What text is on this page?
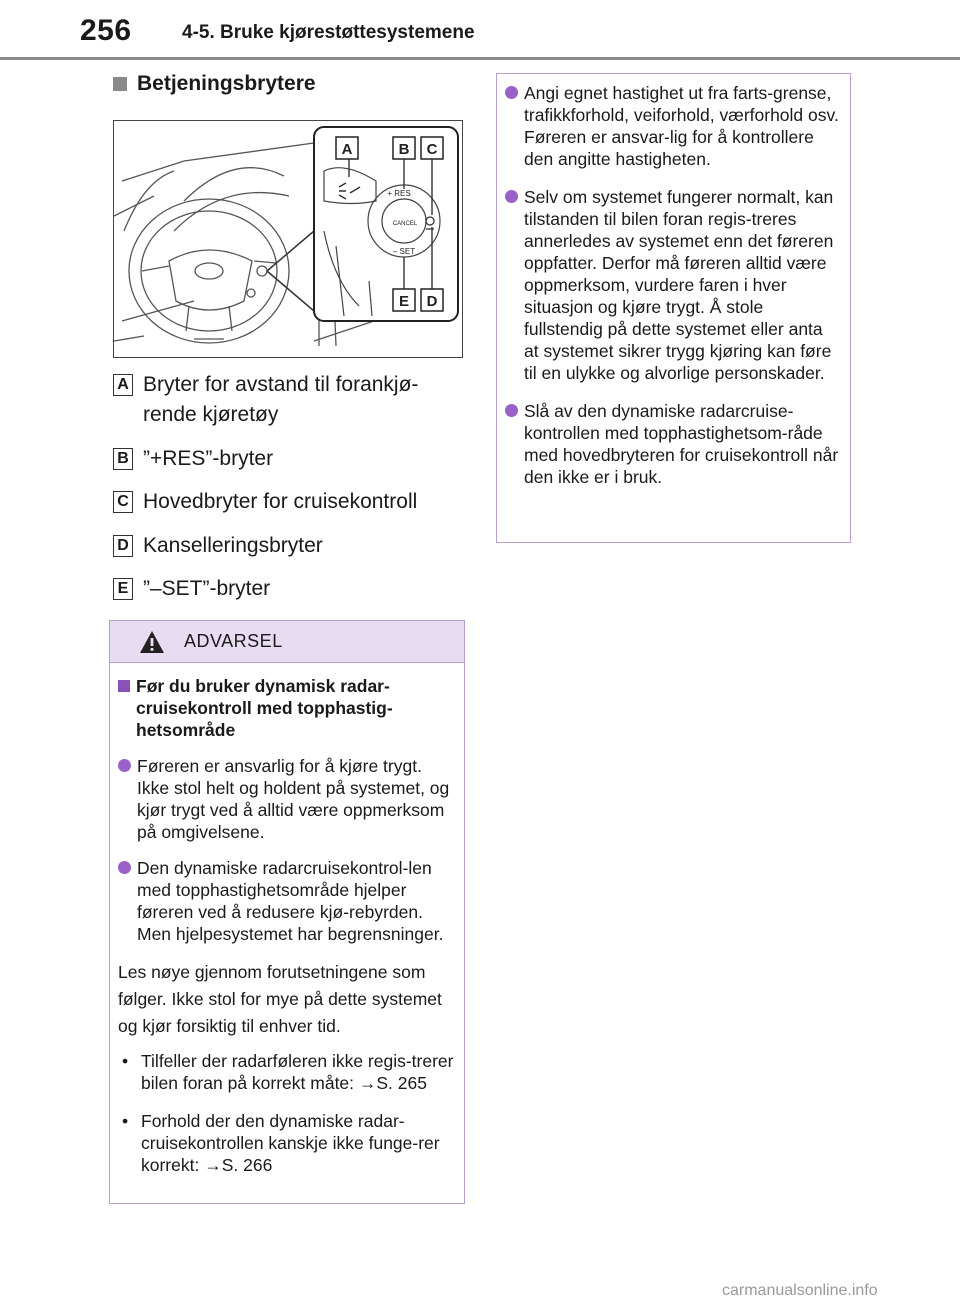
256	4-5. Bruke kjørestøttesystemene
Betjeningsbrytere
+ RES
– SET
CANCEL
A	B C
E D
A Bryter for avstand til forankjø-rende kjøretøy
B ”+RES”-bryter
C Hovedbryter for cruisekontroll
D Kanselleringsbryter
E ”–SET”-bryter
ADVARSEL
Før du bruker dynamisk radar-cruisekontroll med topphastig-hetsområde
Føreren er ansvarlig for å kjøre trygt. Ikke stol helt og holdent på systemet, og kjør trygt ved å alltid være oppmerksom på omgivelsene.
Den dynamiske radarcruisekontrol-len med topphastighetsområde hjelper føreren ved å redusere kjø-rebyrden. Men hjelpesystemet har begrensninger.
Les nøye gjennom forutsetningene som følger. Ikke stol for mye på dette systemet og kjør forsiktig til enhver tid.
• Tilfeller der radarføleren ikke regis-trerer bilen foran på korrekt måte: →S. 265
• Forhold der den dynamiske radar-cruisekontrollen kanskje ikke funge-rer korrekt: →S. 266
Angi egnet hastighet ut fra farts-grense, trafikkforhold, veiforhold, værforhold osv. Føreren er ansvar-lig for å kontrollere den angitte hastigheten.
Selv om systemet fungerer normalt, kan tilstanden til bilen foran regis-treres annerledes av systemet enn det føreren oppfatter. Derfor må føreren alltid være oppmerksom, vurdere faren i hver situasjon og kjøre trygt. Å stole fullstendig på dette systemet eller anta at systemet sikrer trygg kjøring kan føre til en ulykke og alvorlige personskader.
Slå av den dynamiske radarcruise-kontrollen med topphastighetsom-råde med hovedbryteren for cruisekontroll når den ikke er i bruk.
carmanualsonline.info
